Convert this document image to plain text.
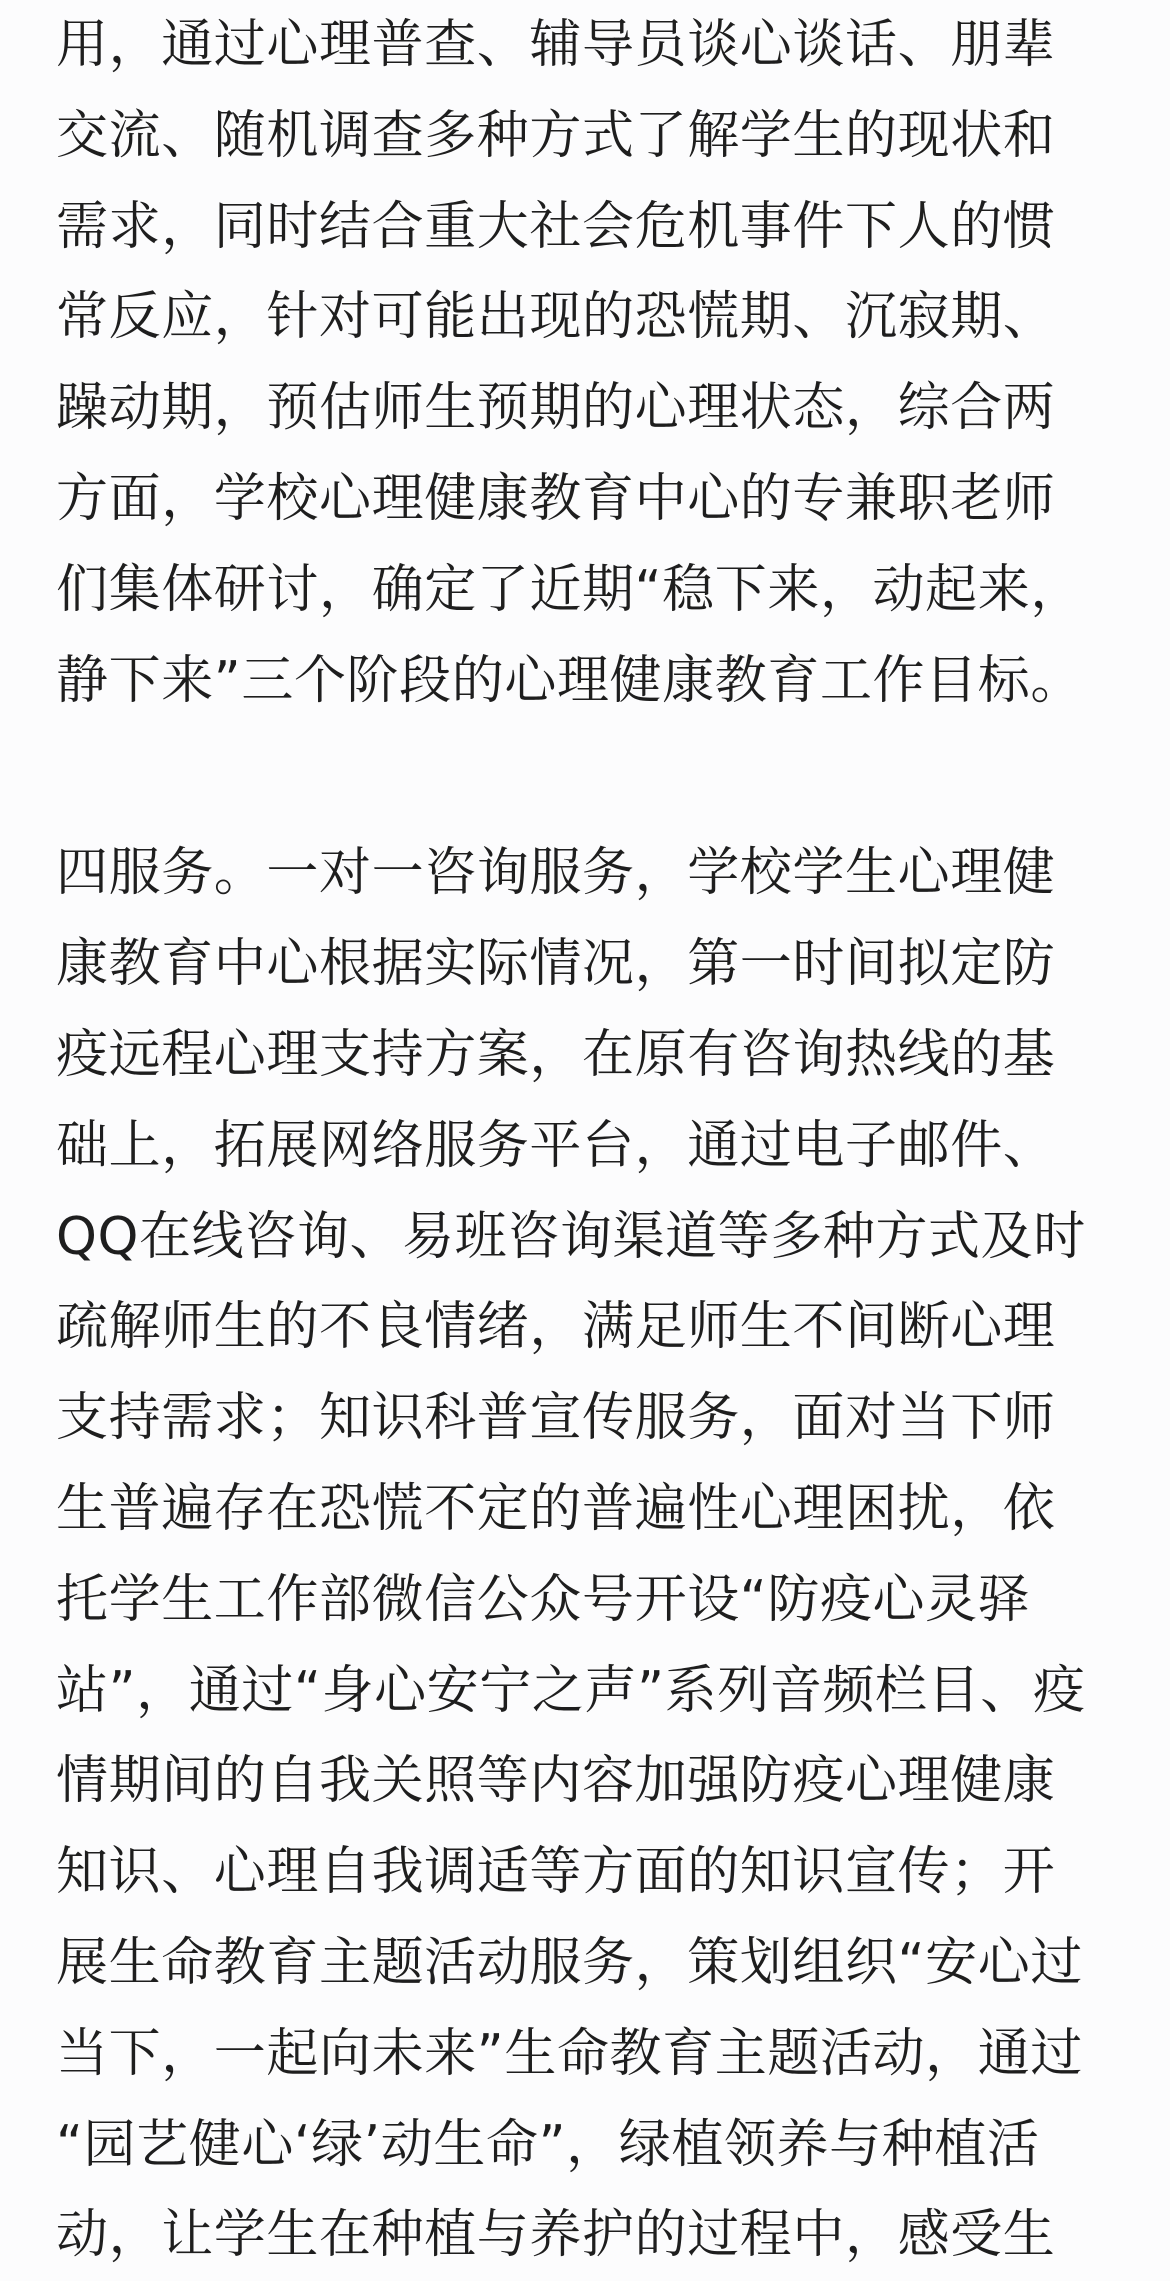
用，通过心理普查、辅导员谈心谈话、朋辈
交流、随机调查多种方式了解学生的现状和
需求，同时结合重大社会危机事件下人的惯
常反应，针对可能出现的恐慌期、沉寂期、
躁动期，预估师生预期的心理状态，综合两
方面，学校心理健康教育中心的专兼职老师
们集体研讨，确定了近期“稳下来，动起来，
静下来”三个阶段的心理健康教育工作目标。
四服务。一对一咨询服务，学校学生心理健
康教育中心根据实际情况，第一时间拟定防
疫远程心理支持方案，在原有咨询热线的基
础上，拓展网络服务平台，通过电子邮件、
QQ在线咨询、易班咨询渠道等多种方式及时
疏解师生的不良情绪，满足师生不间断心理
支持需求；知识科普宣传服务，面对当下师
生普遍存在恐慌不定的普遍性心理困扰，依
托学生工作部微信公众号开设“防疫心灵驿
站”，通过“身心安宁之声”系列音频栏目、疫
情期间的自我关照等内容加强防疫心理健康
知识、心理自我调适等方面的知识宣传；开
展生命教育主题活动服务，策划组织“安心过
当下，一起向未来”生命教育主题活动，通过
“园艺健心‘绿’动生命”，绿植领养与种植活
动，让学生在种植与养护的过程中，感受生
